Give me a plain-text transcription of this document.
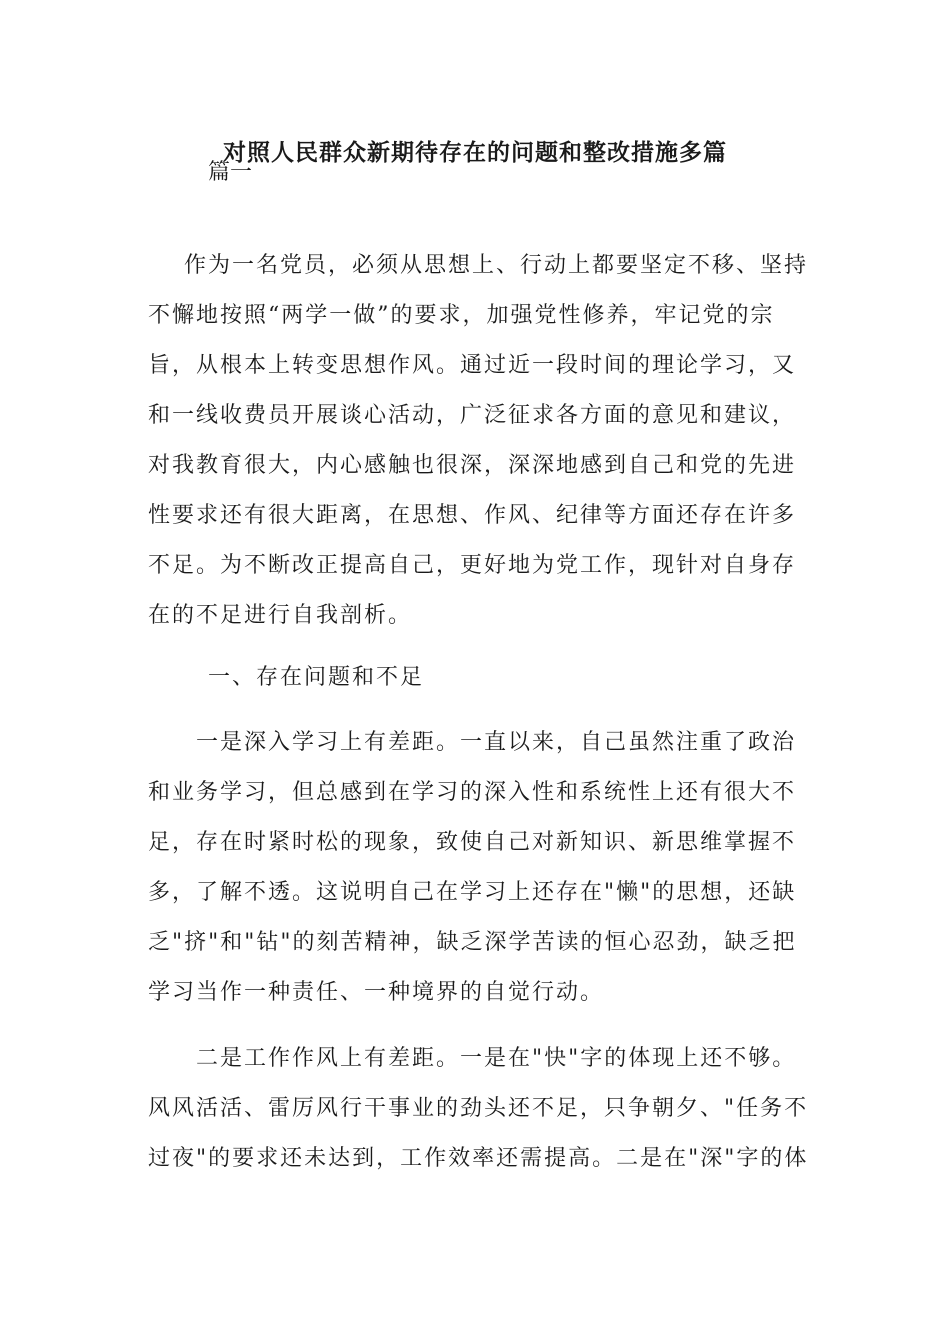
对照人民群众新期待存在的问题和整改措施多篇
篇一
　作为一名党员，必须从思想上、行动上都要坚定不移、坚持
不懈地按照“两学一做”的要求，加强党性修养，牢记党的宗
旨，从根本上转变思想作风。通过近一段时间的理论学习，又
和一线收费员开展谈心活动，广泛征求各方面的意见和建议，
对我教育很大，内心感触也很深，深深地感到自己和党的先进
性要求还有很大距离，在思想、作风、纪律等方面还存在许多
不足。为不断改正提高自己，更好地为党工作，现针对自身存
在的不足进行自我剖析。
一、存在问题和不足
　　一是深入学习上有差距。一直以来，自己虽然注重了政治
和业务学习，但总感到在学习的深入性和系统性上还有很大不
足，存在时紧时松的现象，致使自己对新知识、新思维掌握不
多，了解不透。这说明自己在学习上还存在"懒"的思想，还缺
乏"挤"和"钻"的刻苦精神，缺乏深学苦读的恒心忍劲，缺乏把
学习当作一种责任、一种境界的自觉行动。
　　二是工作作风上有差距。一是在"快"字的体现上还不够。
风风活活、雷厉风行干事业的劲头还不足，只争朝夕、"任务不
过夜"的要求还未达到，工作效率还需提高。二是在"深"字的体
